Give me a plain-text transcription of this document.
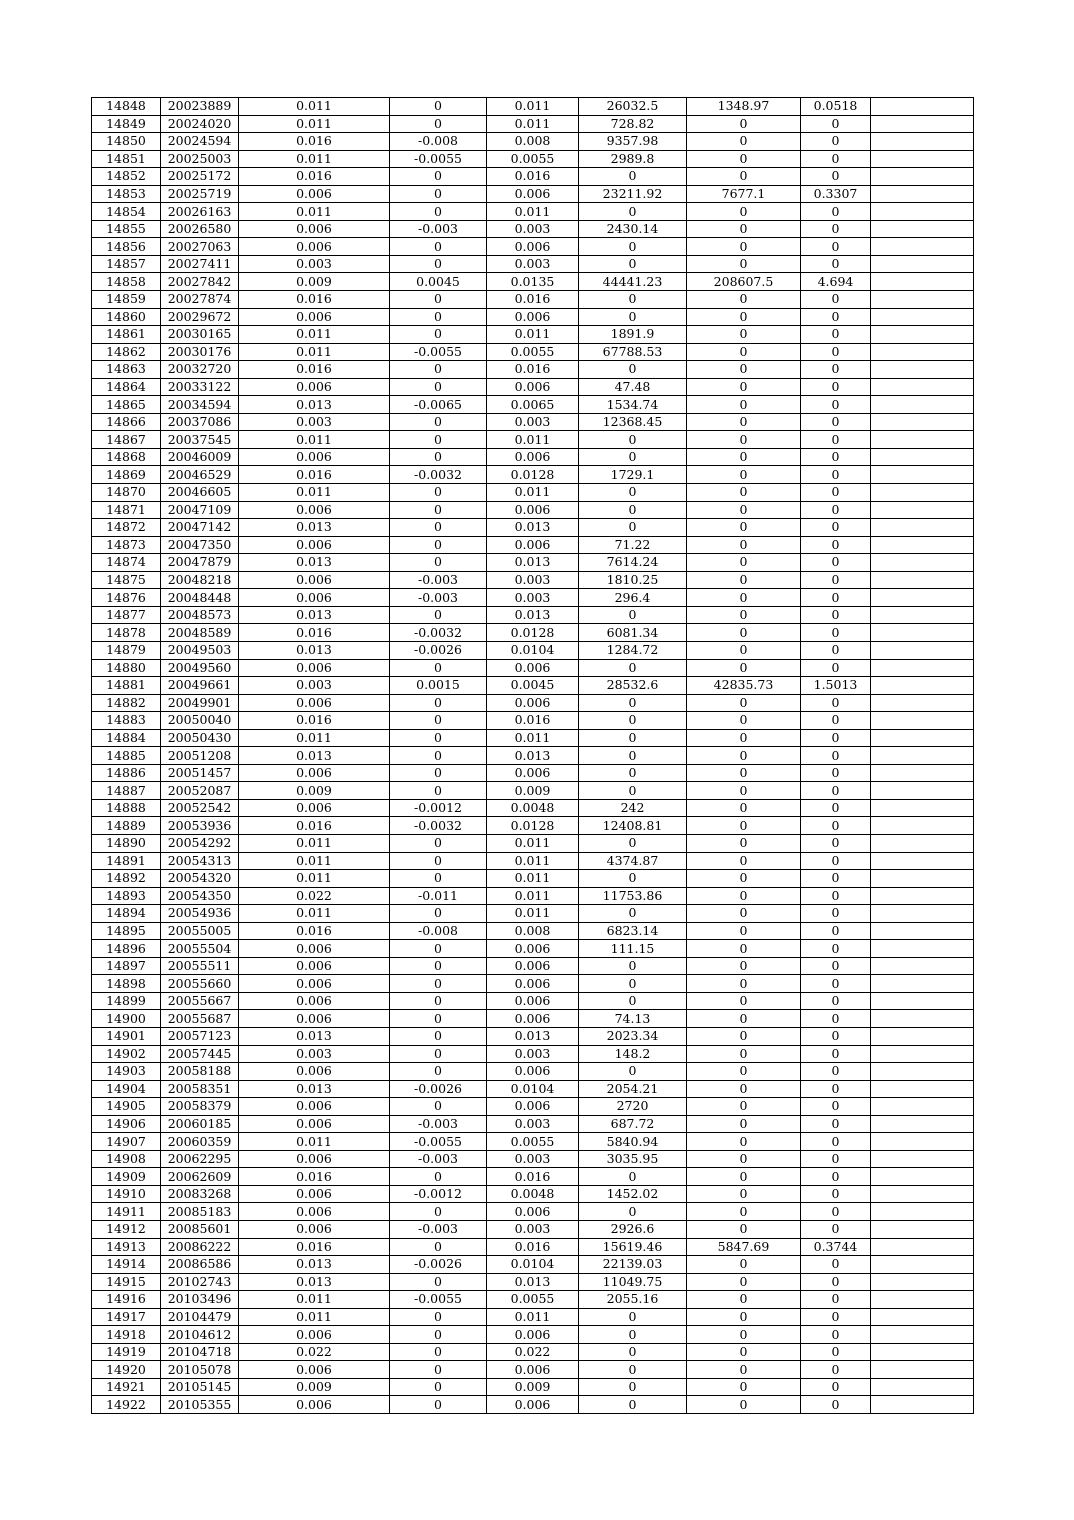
14848	20023889	0.011	0	0.011	26032.5	1348.97	0.0518	
14849	20024020	0.011	0	0.011	728.82	0	0	
14850	20024594	0.016	-0.008	0.008	9357.98	0	0	
14851	20025003	0.011	-0.0055	0.0055	2989.8	0	0	
14852	20025172	0.016	0	0.016	0	0	0	
14853	20025719	0.006	0	0.006	23211.92	7677.1	0.3307	
14854	20026163	0.011	0	0.011	0	0	0	
14855	20026580	0.006	-0.003	0.003	2430.14	0	0	
14856	20027063	0.006	0	0.006	0	0	0	
14857	20027411	0.003	0	0.003	0	0	0	
14858	20027842	0.009	0.0045	0.0135	44441.23	208607.5	4.694	
14859	20027874	0.016	0	0.016	0	0	0	
14860	20029672	0.006	0	0.006	0	0	0	
14861	20030165	0.011	0	0.011	1891.9	0	0	
14862	20030176	0.011	-0.0055	0.0055	67788.53	0	0	
14863	20032720	0.016	0	0.016	0	0	0	
14864	20033122	0.006	0	0.006	47.48	0	0	
14865	20034594	0.013	-0.0065	0.0065	1534.74	0	0	
14866	20037086	0.003	0	0.003	12368.45	0	0	
14867	20037545	0.011	0	0.011	0	0	0	
14868	20046009	0.006	0	0.006	0	0	0	
14869	20046529	0.016	-0.0032	0.0128	1729.1	0	0	
14870	20046605	0.011	0	0.011	0	0	0	
14871	20047109	0.006	0	0.006	0	0	0	
14872	20047142	0.013	0	0.013	0	0	0	
14873	20047350	0.006	0	0.006	71.22	0	0	
14874	20047879	0.013	0	0.013	7614.24	0	0	
14875	20048218	0.006	-0.003	0.003	1810.25	0	0	
14876	20048448	0.006	-0.003	0.003	296.4	0	0	
14877	20048573	0.013	0	0.013	0	0	0	
14878	20048589	0.016	-0.0032	0.0128	6081.34	0	0	
14879	20049503	0.013	-0.0026	0.0104	1284.72	0	0	
14880	20049560	0.006	0	0.006	0	0	0	
14881	20049661	0.003	0.0015	0.0045	28532.6	42835.73	1.5013	
14882	20049901	0.006	0	0.006	0	0	0	
14883	20050040	0.016	0	0.016	0	0	0	
14884	20050430	0.011	0	0.011	0	0	0	
14885	20051208	0.013	0	0.013	0	0	0	
14886	20051457	0.006	0	0.006	0	0	0	
14887	20052087	0.009	0	0.009	0	0	0	
14888	20052542	0.006	-0.0012	0.0048	242	0	0	
14889	20053936	0.016	-0.0032	0.0128	12408.81	0	0	
14890	20054292	0.011	0	0.011	0	0	0	
14891	20054313	0.011	0	0.011	4374.87	0	0	
14892	20054320	0.011	0	0.011	0	0	0	
14893	20054350	0.022	-0.011	0.011	11753.86	0	0	
14894	20054936	0.011	0	0.011	0	0	0	
14895	20055005	0.016	-0.008	0.008	6823.14	0	0	
14896	20055504	0.006	0	0.006	111.15	0	0	
14897	20055511	0.006	0	0.006	0	0	0	
14898	20055660	0.006	0	0.006	0	0	0	
14899	20055667	0.006	0	0.006	0	0	0	
14900	20055687	0.006	0	0.006	74.13	0	0	
14901	20057123	0.013	0	0.013	2023.34	0	0	
14902	20057445	0.003	0	0.003	148.2	0	0	
14903	20058188	0.006	0	0.006	0	0	0	
14904	20058351	0.013	-0.0026	0.0104	2054.21	0	0	
14905	20058379	0.006	0	0.006	2720	0	0	
14906	20060185	0.006	-0.003	0.003	687.72	0	0	
14907	20060359	0.011	-0.0055	0.0055	5840.94	0	0	
14908	20062295	0.006	-0.003	0.003	3035.95	0	0	
14909	20062609	0.016	0	0.016	0	0	0	
14910	20083268	0.006	-0.0012	0.0048	1452.02	0	0	
14911	20085183	0.006	0	0.006	0	0	0	
14912	20085601	0.006	-0.003	0.003	2926.6	0	0	
14913	20086222	0.016	0	0.016	15619.46	5847.69	0.3744	
14914	20086586	0.013	-0.0026	0.0104	22139.03	0	0	
14915	20102743	0.013	0	0.013	11049.75	0	0	
14916	20103496	0.011	-0.0055	0.0055	2055.16	0	0	
14917	20104479	0.011	0	0.011	0	0	0	
14918	20104612	0.006	0	0.006	0	0	0	
14919	20104718	0.022	0	0.022	0	0	0	
14920	20105078	0.006	0	0.006	0	0	0	
14921	20105145	0.009	0	0.009	0	0	0	
14922	20105355	0.006	0	0.006	0	0	0	
